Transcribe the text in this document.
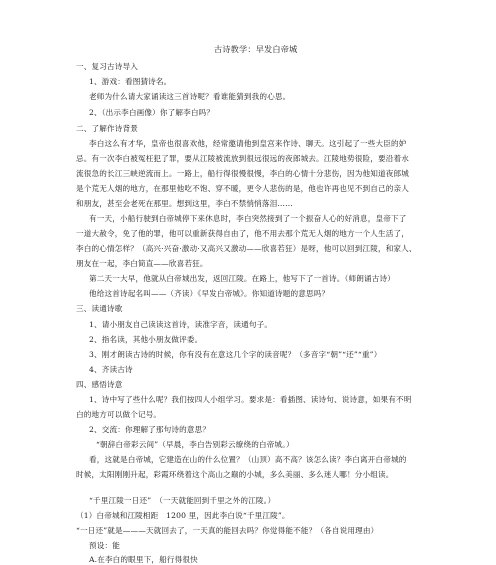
古诗教学：早发白帝城
一、复习古诗导入
1、游戏：看图猜诗名。
老师为什么请大家诵读这三首诗呢？看谁能猜到我的心思。
2、（出示李白画像）你了解李白吗？
二、了解作诗背景
李白这么有才华，皇帝也很喜欢他，经常邀请他到皇宫来作诗、聊天。这引起了一些大臣的妒
忌。有一次李白被冤枉犯了罪，要从江陵被流放到很远很远的夜郎城去。江陵地势很险，要沿着水
流很急的长江三峡逆流而上。一路上，船行得很慢很慢，李白的心情十分悲伤，因为他知道夜郎城
是个荒无人烟的地方，在那里他吃不饱、穿不暖，更令人悲伤的是，他也许再也见不到自己的亲人
和朋友，甚至会老死在那里。想到这里，李白不禁悄悄落泪……
有一天，小船行驶到白帝城停下来休息时，李白突然接到了一个振奋人心的好消息，皇帝下了
一道大赦令，免了他的罪，他可以重新获得自由了，他不用去那个荒无人烟的地方一个人生活了，
李白的心情怎样？（高兴·兴奋·激动·又高兴又激动——欣喜若狂）是呀，他可以回到江陵，和家人、
朋友在一起，李白简直——欣喜若狂。
第二天一大早，他就从白帝城出发，返回江陵。在路上，他写下了一首诗。（师朗诵古诗）
他给这首诗起名叫——（齐读）《早发白帝城》。你知道诗题的意思吗？
三、读通诗歌
1、请小朋友自己读读这首诗，读准字音，读通句子。
2、指名读，其他小朋友做评委。
3、刚才朗读古诗的时候，你有没有在意这几个字的读音呢？（多音字“朝”“还”“重”）
4、齐读古诗
四、感悟诗意
1、诗中写了些什么呢？我们按四人小组学习。要求是：看插图、读诗句、说诗意，如果有不明
白的地方可以做个记号。
2、交流：你理解了那句诗的意思？
“朝辞白帝彩云间”（早晨，李白告别彩云缭绕的白帝城。）
看，这就是白帝城，它建造在山的什么位置？（山顶）高不高？该怎么读？李白离开白帝城的
时候，太阳刚刚升起，彩霞环绕着这个高山之巅的小城，多么美丽、多么迷人哪！分小组读。
“千里江陵一日还”　（一天就能回到千里之外的江陵。）
（1）白帝城和江陵相距　1200 里，因此李白说“千里江陵”。
“一日还”就是———天就回去了，一天真的能回去吗？你觉得能不能？（各自说用理由）
预设：能
A.在李白的眼里下，船行得很快
